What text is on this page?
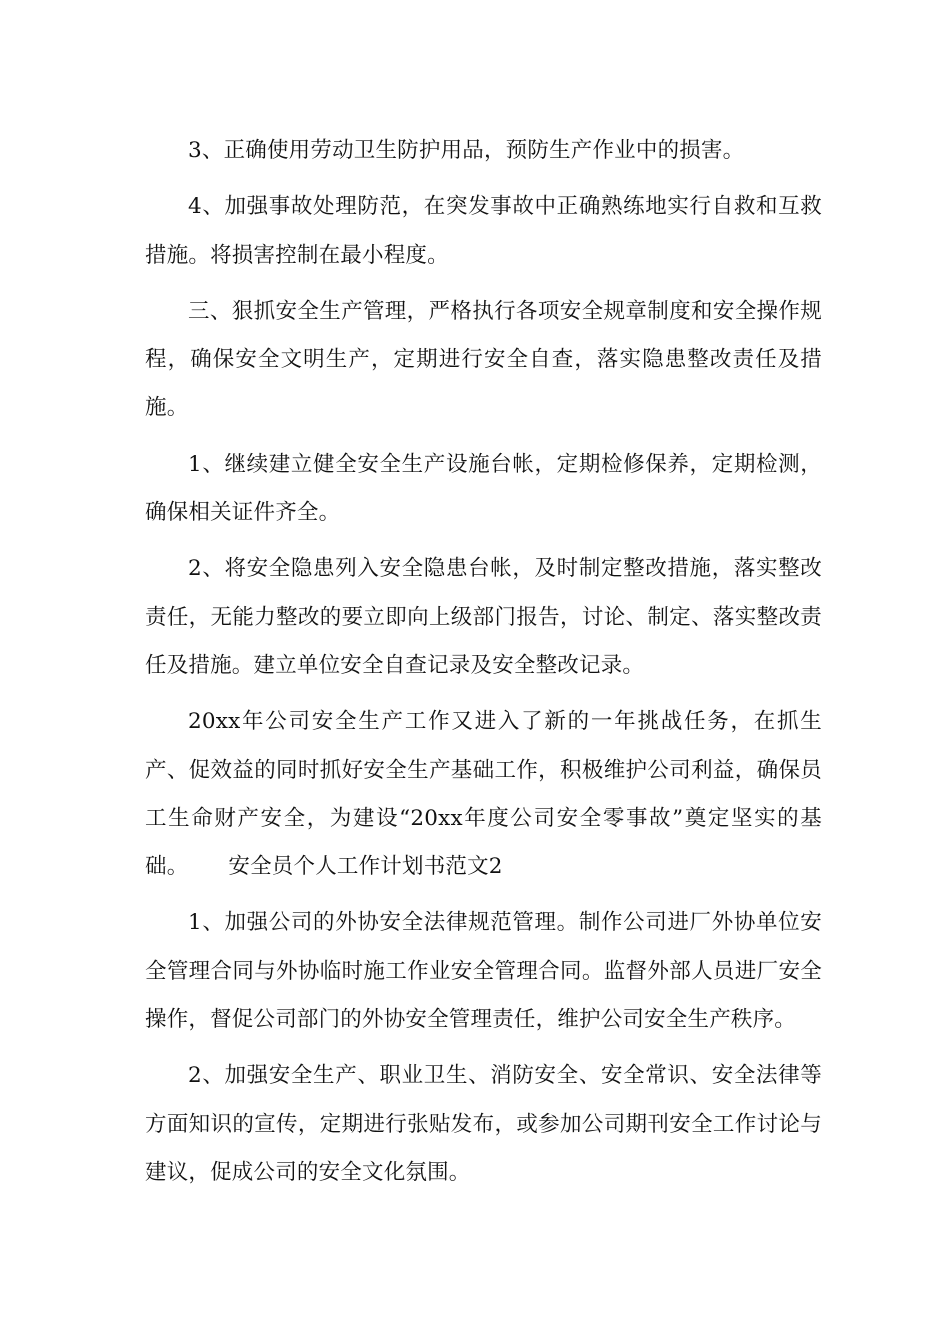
3、正确使用劳动卫生防护用品，预防生产作业中的损害。

4、加强事故处理防范，在突发事故中正确熟练地实行自救和互救措施。将损害控制在最小程度。

三、狠抓安全生产管理，严格执行各项安全规章制度和安全操作规程，确保安全文明生产，定期进行安全自查，落实隐患整改责任及措施。

1、继续建立健全安全生产设施台帐，定期检修保养，定期检测，确保相关证件齐全。

2、将安全隐患列入安全隐患台帐，及时制定整改措施，落实整改责任，无能力整改的要立即向上级部门报告，讨论、制定、落实整改责任及措施。建立单位安全自查记录及安全整改记录。

20xx年公司安全生产工作又进入了新的一年挑战任务，在抓生产、促效益的同时抓好安全生产基础工作，积极维护公司利益，确保员工生命财产安全，为建设“20xx年度公司安全零事故”奠定坚实的基础。 安全员个人工作计划书范文2

1、加强公司的外协安全法律规范管理。制作公司进厂外协单位安全管理合同与外协临时施工作业安全管理合同。监督外部人员进厂安全操作，督促公司部门的外协安全管理责任，维护公司安全生产秩序。

2、加强安全生产、职业卫生、消防安全、安全常识、安全法律等方面知识的宣传，定期进行张贴发布，或参加公司期刊安全工作讨论与建议，促成公司的安全文化氛围。
